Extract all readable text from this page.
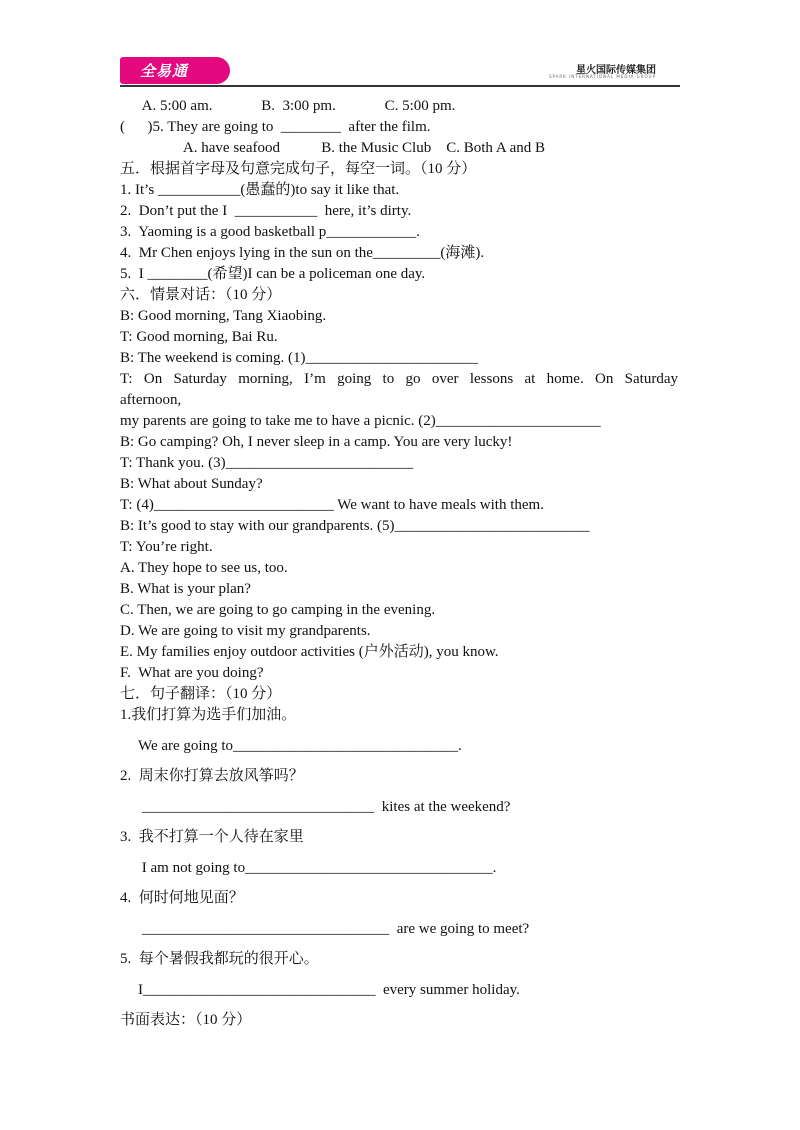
全易通	星火国际传媒集团
SPARK INTERNATIONAL MEDIA GROUP
A. 5:00 am.             B.  3:00 pm.             C. 5:00 pm.
(      )5. They are going to  ________  after the film.
A. have seafood           B. the Music Club    C. Both A and B
五．根据首字母及句意完成句子，每空一词。（10 分）
1. It’s ___________(愚蠢的)to say it like that.
2.  Don’t put the I  ___________  here, it’s dirty.
3.  Yaoming is a good basketball p____________.
4.  Mr Chen enjoys lying in the sun on the_________(海滩).
5.  I ________(希望)I can be a policeman one day.
六．情景对话：（10 分）
B: Good morning, Tang Xiaobing.
T: Good morning, Bai Ru.
B: The weekend is coming. (1)_______________________
T: On Saturday morning, I’m going to go over lessons at home. On Saturday
afternoon,
my parents are going to take me to have a picnic. (2)______________________
B: Go camping? Oh, I never sleep in a camp. You are very lucky!
T: Thank you. (3)_________________________
B: What about Sunday?
T: (4)________________________ We want to have meals with them.
B: It’s good to stay with our grandparents. (5)__________________________
T: You’re right.
A. They hope to see us, too.
B. What is your plan?
C. Then, we are going to go camping in the evening.
D. We are going to visit my grandparents.
E. My families enjoy outdoor activities (户外活动), you know.
F.  What are you doing?
七．句子翻译：（10 分）
1.我们打算为选手们加油。
We are going to______________________________.
2.  周末你打算去放风筝吗？
_______________________________  kites at the weekend?
3.  我不打算一个人待在家里
I am not going to_________________________________.
4.  何时何地见面？
_________________________________  are we going to meet?
5.  每个暑假我都玩的很开心。
I_______________________________  every summer holiday.
书面表达：（10 分）
